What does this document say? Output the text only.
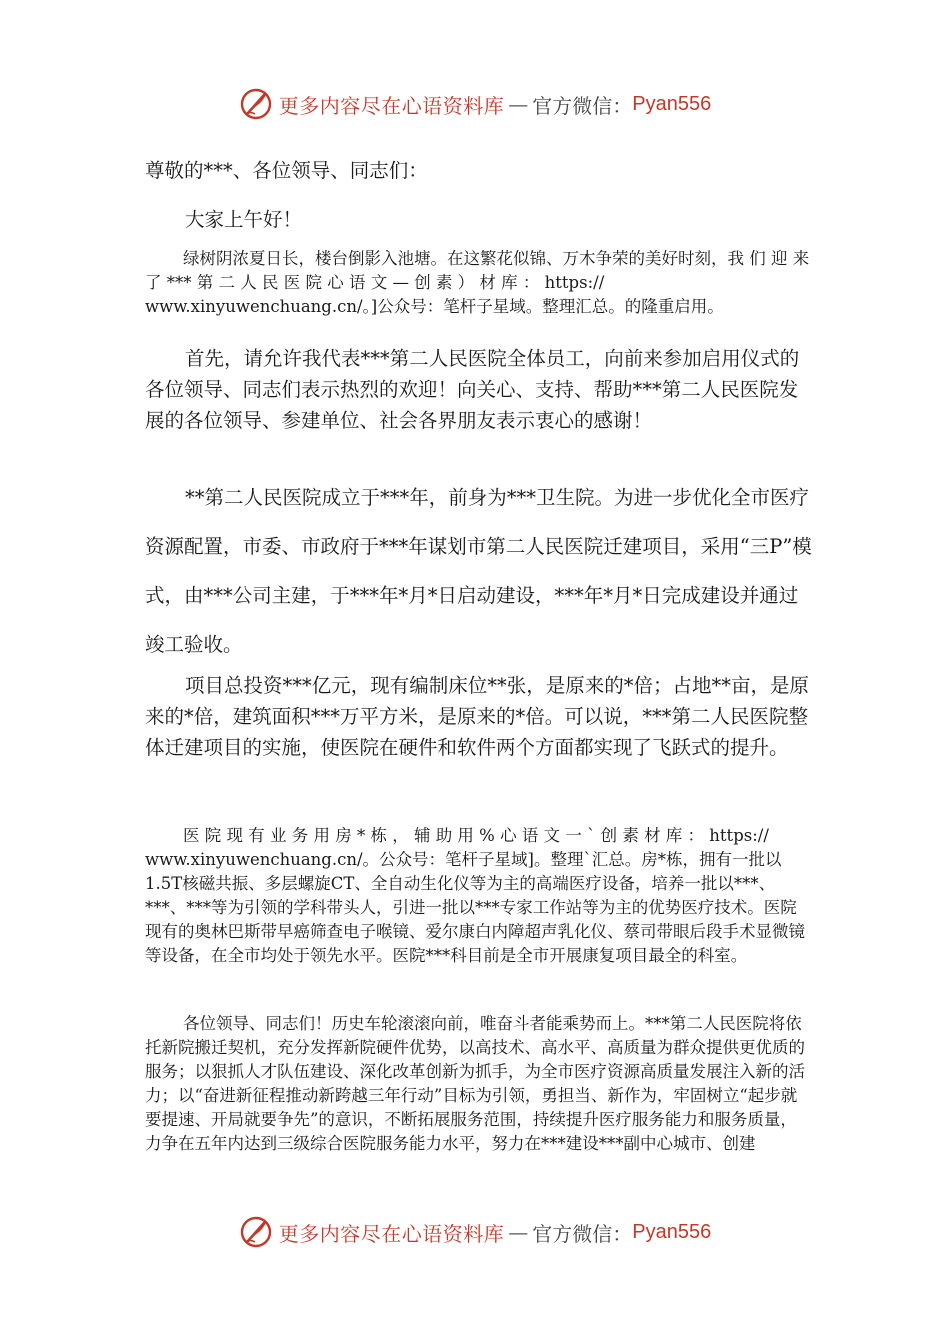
更多内容尽在心语资料库 — 官方微信： Pyan556

尊敬的***、各位领导、同志们：

大家上午好！

绿树阴浓夏日长，楼台倒影入池塘。在这繁花似锦、万木争荣的美好时刻，我 们 迎 来 了 *** 第 二 人 民 医 院 心 语 文 — 创 素 ） 材 库 ： https:// www.xinyuwenchuang.cn/。]公众号：笔杆子星域。整理汇总。的隆重启用。

首先，请允许我代表***第二人民医院全体员工，向前来参加启用仪式的各位领导、同志们表示热烈的欢迎！向关心、支持、帮助***第二人民医院发展的各位领导、参建单位、社会各界朋友表示衷心的感谢！

**第二人民医院成立于***年，前身为***卫生院。为进一步优化全市医疗资源配置，市委、市政府于***年谋划市第二人民医院迁建项目，采用“三P”模式，由***公司主建，于***年*月*日启动建设，***年*月*日完成建设并通过竣工验收。

项目总投资***亿元，现有编制床位**张，是原来的*倍；占地**亩，是原来的*倍，建筑面积***万平方米，是原来的*倍。可以说，***第二人民医院整体迁建项目的实施，使医院在硬件和软件两个方面都实现了飞跃式的提升。

医 院 现 有 业 务 用 房 * 栋 ， 辅 助 用 % 心 语 文 一 ` 创 素 材 库 ： https:// www.xinyuwenchuang.cn/。公众号：笔杆子星域]。整理`汇总。房*栋，拥有一批以1.5T核磁共振、多层螺旋CT、全自动生化仪等为主的高端医疗设备，培养一批以***、***、***等为引领的学科带头人，引进一批以***专家工作站等为主的优势医疗技术。医院现有的奥林巴斯带早癌筛查电子喉镜、爱尔康白内障超声乳化仪、蔡司带眼后段手术显微镜等设备，在全市均处于领先水平。医院***科目前是全市开展康复项目最全的科室。

各位领导、同志们！历史车轮滚滚向前，唯奋斗者能乘势而上。***第二人民医院将依托新院搬迁契机，充分发挥新院硬件优势，以高技术、高水平、高质量为群众提供更优质的服务；以狠抓人才队伍建设、深化改革创新为抓手，为全市医疗资源高质量发展注入新的活力；以“奋进新征程推动新跨越三年行动”目标为引领，勇担当、新作为，牢固树立“起步就要提速、开局就要争先”的意识，不断拓展服务范围，持续提升医疗服务能力和服务质量，力争在五年内达到三级综合医院服务能力水平，努力在***建设***副中心城市、创建

更多内容尽在心语资料库 — 官方微信： Pyan556
